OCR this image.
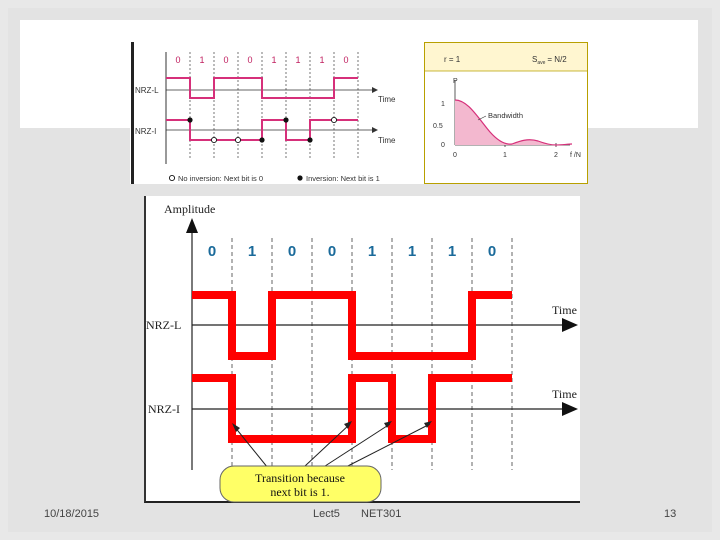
0 1 0 0 1 1 1 0
NRZ-L
NRZ-I
Time
Time
No inversion: Next bit is 0	Inversion: Next bit is 1
r = 1	$S_{ave} = N/2$
P
1
0.5
0
0	1	2 f /N
Bandwidth
Amplitude
0 1 0 0 1 1 1 0
Time
Time
NRZ-L
NRZ-I
Transition because
next bit is 1.
10/18/2015	Lect5 NET301	13
